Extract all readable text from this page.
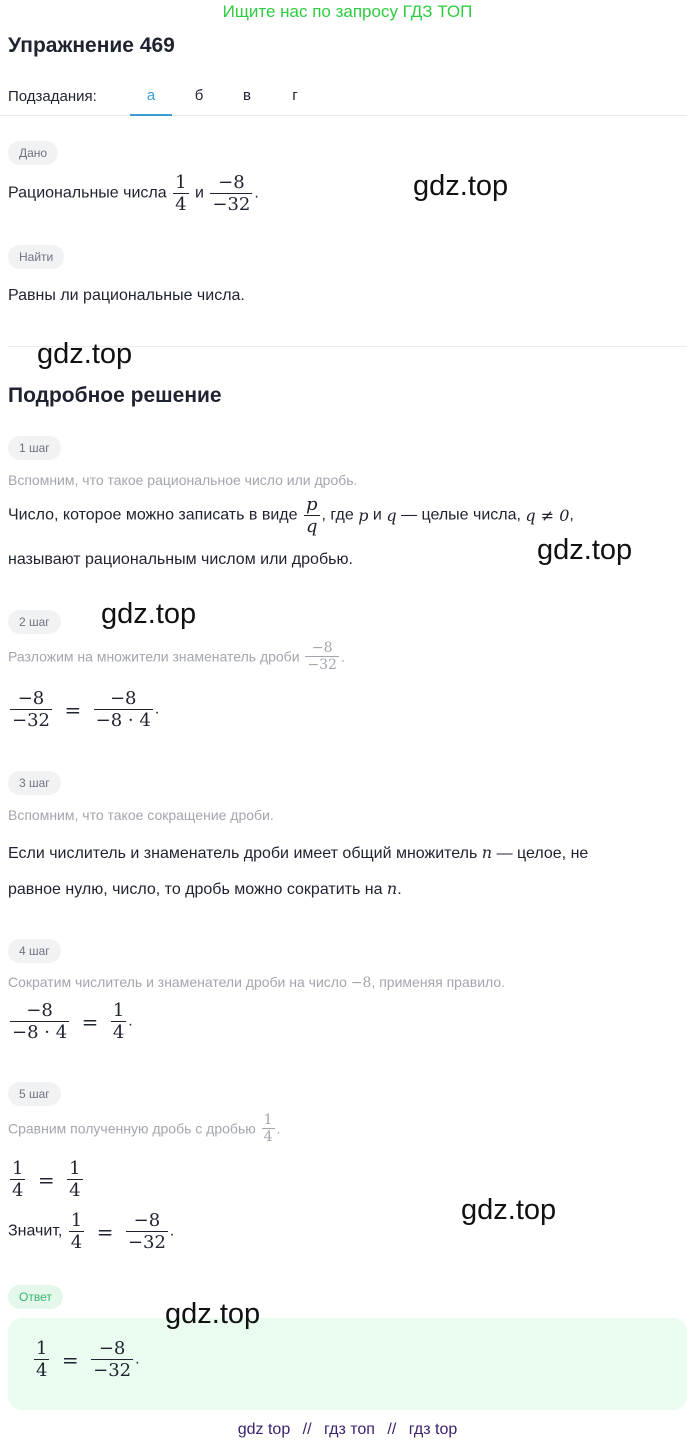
Ищите нас по запросу ГДЗ ТОП
Упражнение 469
Подзадания:	а	б	в	г
Дано
Рациональные числа $\frac{1}{4}$ и $\frac{-8}{-32}$ .
Найти
Равны ли рациональные числа.
Подробное решение
1 шаг
Вспомним, что такое рациональное число или дробь.
Число, которое можно записать в виде $\frac{p}{q}$ , где p и q — целые числа, q ≠ 0,
называют рациональным числом или дробью.
2 шаг
Разложим на множители знаменатель дроби $\frac{-8}{-32}$ .
$\frac{-8}{-32} = \frac{-8}{-8 \cdot 4}$ .
3 шаг
Вспомним, что такое сокращение дроби.
Если числитель и знаменатель дроби имеет общий множитель n — целое, не
равное нулю, число, то дробь можно сократить на n.
4 шаг
Сократим числитель и знаменатели дроби на число −8, применяя правило.
$\frac{-8}{-8 \cdot 4} = \frac{1}{4}$ .
5 шаг
Сравним полученную дробь с дробью $\frac{1}{4}$ .
$\frac{1}{4} = \frac{1}{4}$
Значит, $\frac{1}{4} = \frac{-8}{-32}$ .
Ответ
$\frac{1}{4} = \frac{-8}{-32}$ .
gdz.top
gdz.top
gdz.top
gdz.top
gdz.top
gdz.top
gdz top // гдз топ // гдз top
